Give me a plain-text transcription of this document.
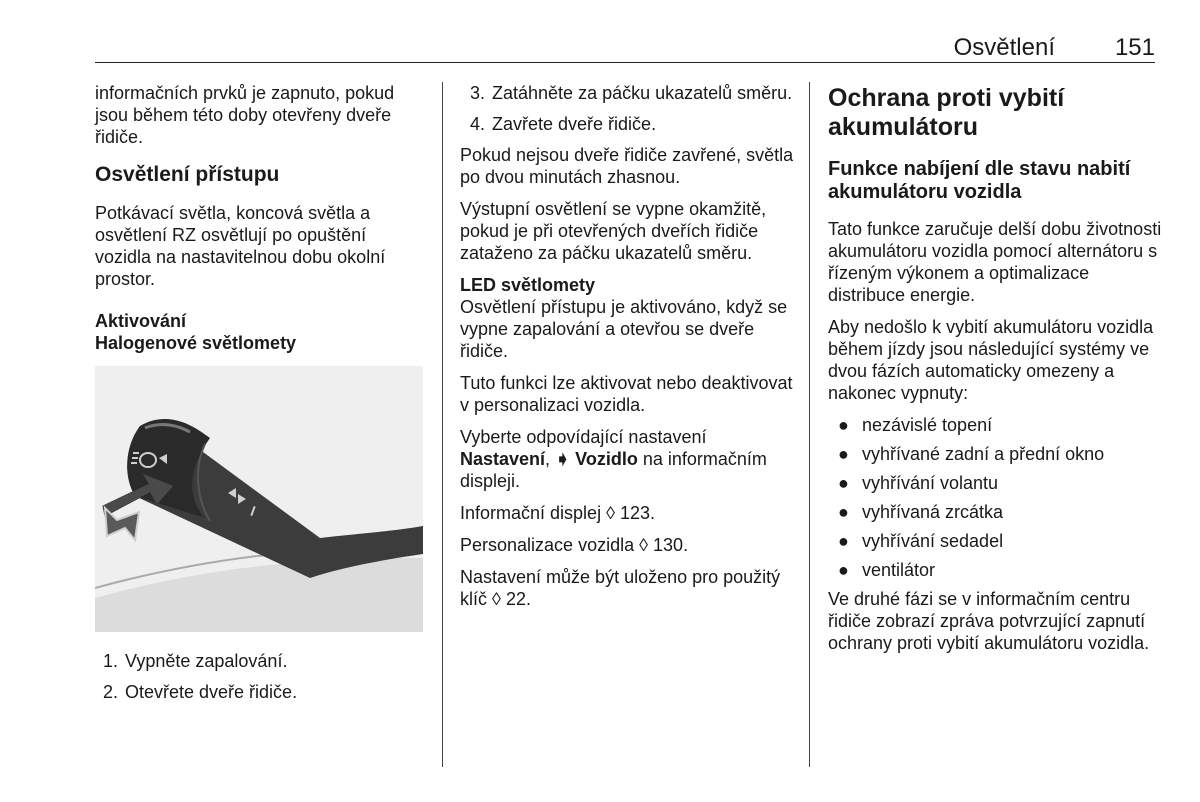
Osvětlení 151

informačních prvků je zapnuto, pokud jsou během této doby otevřeny dveře řidiče.

Osvětlení přístupu

Potkávací světla, koncová světla a osvětlení RZ osvětlují po opuštění vozidla na nastavitelnou dobu okolní prostor.

Aktivování
Halogenové světlomety
1. Vypněte zapalování.
2. Otevřete dveře řidiče.
3. Zatáhněte za páčku ukazatelů směru.
4. Zavřete dveře řidiče.

Pokud nejsou dveře řidiče zavřené, světla po dvou minutách zhasnou.

Výstupní osvětlení se vypne okamžitě, pokud je při otevřených dveřích řidiče zataženo za páčku ukazatelů směru.

LED světlomety

Osvětlení přístupu je aktivováno, když se vypne zapalování a otevřou se dveře řidiče.

Tuto funkci lze aktivovat nebo deaktivovat v personalizaci vozidla.

Vyberte odpovídající nastavení
Nastavení, ➧ Vozidlo na informačním displeji.

Informační displej ◊ 123.

Personalizace vozidla ◊ 130.

Nastavení může být uloženo pro použitý klíč ◊ 22.

Ochrana proti vybití akumulátoru
Funkce nabíjení dle stavu nabití akumulátoru vozidla

Tato funkce zaručuje delší dobu životnosti akumulátoru vozidla pomocí alternátoru s řízeným výkonem a optimalizace distribuce energie.

Aby nedošlo k vybití akumulátoru vozidla během jízdy jsou následující systémy ve dvou fázích automaticky omezeny a nakonec vypnuty:

● nezávislé topení
● vyhřívané zadní a přední okno
● vyhřívání volantu
● vyhřívaná zrcátka
● vyhřívání sedadel
● ventilátor

Ve druhé fázi se v informačním centru řidiče zobrazí zpráva potvrzující zapnutí ochrany proti vybití akumulátoru vozidla.
